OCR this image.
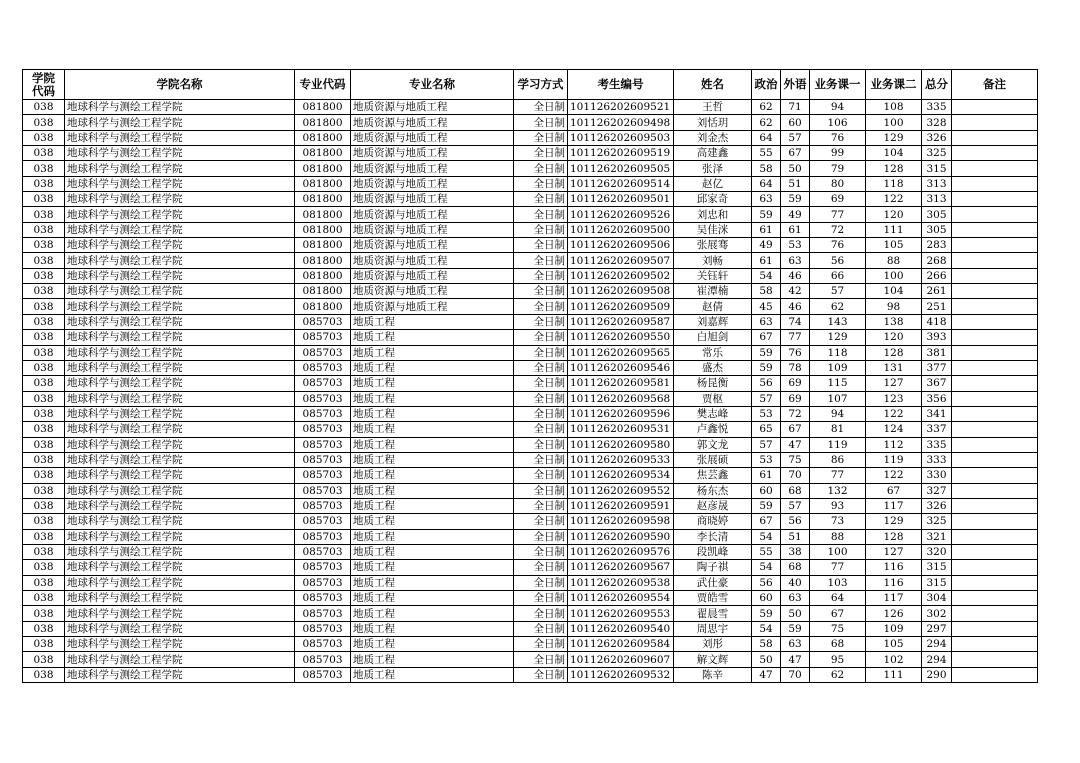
学院
代码	学院名称	专业代码	专业名称	学习方式	考生编号	姓名	政治	外语	业务课一	业务课二	总分	备注
038	地球科学与测绘工程学院	081800	地质资源与地质工程	全日制	101126202609521	王哲	62	71	94	108	335	
038	地球科学与测绘工程学院	081800	地质资源与地质工程	全日制	101126202609498	刘恬玥	62	60	106	100	328	
038	地球科学与测绘工程学院	081800	地质资源与地质工程	全日制	101126202609503	刘金杰	64	57	76	129	326	
038	地球科学与测绘工程学院	081800	地质资源与地质工程	全日制	101126202609519	高建鑫	55	67	99	104	325	
038	地球科学与测绘工程学院	081800	地质资源与地质工程	全日制	101126202609505	张泽	58	50	79	128	315	
038	地球科学与测绘工程学院	081800	地质资源与地质工程	全日制	101126202609514	赵亿	64	51	80	118	313	
038	地球科学与测绘工程学院	081800	地质资源与地质工程	全日制	101126202609501	邱家奇	63	59	69	122	313	
038	地球科学与测绘工程学院	081800	地质资源与地质工程	全日制	101126202609526	刘忠和	59	49	77	120	305	
038	地球科学与测绘工程学院	081800	地质资源与地质工程	全日制	101126202609500	吴佳洣	61	61	72	111	305	
038	地球科学与测绘工程学院	081800	地质资源与地质工程	全日制	101126202609506	张展骞	49	53	76	105	283	
038	地球科学与测绘工程学院	081800	地质资源与地质工程	全日制	101126202609507	刘畅	61	63	56	88	268	
038	地球科学与测绘工程学院	081800	地质资源与地质工程	全日制	101126202609502	关钰轩	54	46	66	100	266	
038	地球科学与测绘工程学院	081800	地质资源与地质工程	全日制	101126202609508	崔潭楠	58	42	57	104	261	
038	地球科学与测绘工程学院	081800	地质资源与地质工程	全日制	101126202609509	赵倩	45	46	62	98	251	
038	地球科学与测绘工程学院	085703	地质工程	全日制	101126202609587	刘嘉辉	63	74	143	138	418	
038	地球科学与测绘工程学院	085703	地质工程	全日制	101126202609550	白旭剑	67	77	129	120	393	
038	地球科学与测绘工程学院	085703	地质工程	全日制	101126202609565	常乐	59	76	118	128	381	
038	地球科学与测绘工程学院	085703	地质工程	全日制	101126202609546	盛杰	59	78	109	131	377	
038	地球科学与测绘工程学院	085703	地质工程	全日制	101126202609581	杨昆衡	56	69	115	127	367	
038	地球科学与测绘工程学院	085703	地质工程	全日制	101126202609568	贾枢	57	69	107	123	356	
038	地球科学与测绘工程学院	085703	地质工程	全日制	101126202609596	樊志峰	53	72	94	122	341	
038	地球科学与测绘工程学院	085703	地质工程	全日制	101126202609531	卢鑫悦	65	67	81	124	337	
038	地球科学与测绘工程学院	085703	地质工程	全日制	101126202609580	郭文龙	57	47	119	112	335	
038	地球科学与测绘工程学院	085703	地质工程	全日制	101126202609533	张展硕	53	75	86	119	333	
038	地球科学与测绘工程学院	085703	地质工程	全日制	101126202609534	焦芸鑫	61	70	77	122	330	
038	地球科学与测绘工程学院	085703	地质工程	全日制	101126202609552	杨东杰	60	68	132	67	327	
038	地球科学与测绘工程学院	085703	地质工程	全日制	101126202609591	赵彦晟	59	57	93	117	326	
038	地球科学与测绘工程学院	085703	地质工程	全日制	101126202609598	商晓婷	67	56	73	129	325	
038	地球科学与测绘工程学院	085703	地质工程	全日制	101126202609590	李长清	54	51	88	128	321	
038	地球科学与测绘工程学院	085703	地质工程	全日制	101126202609576	段凯峰	55	38	100	127	320	
038	地球科学与测绘工程学院	085703	地质工程	全日制	101126202609567	陶子祺	54	68	77	116	315	
038	地球科学与测绘工程学院	085703	地质工程	全日制	101126202609538	武仕豪	56	40	103	116	315	
038	地球科学与测绘工程学院	085703	地质工程	全日制	101126202609554	贾皓雪	60	63	64	117	304	
038	地球科学与测绘工程学院	085703	地质工程	全日制	101126202609553	翟晨雪	59	50	67	126	302	
038	地球科学与测绘工程学院	085703	地质工程	全日制	101126202609540	周思宇	54	59	75	109	297	
038	地球科学与测绘工程学院	085703	地质工程	全日制	101126202609584	刘彤	58	63	68	105	294	
038	地球科学与测绘工程学院	085703	地质工程	全日制	101126202609607	解文辉	50	47	95	102	294	
038	地球科学与测绘工程学院	085703	地质工程	全日制	101126202609532	陈辛	47	70	62	111	290	
